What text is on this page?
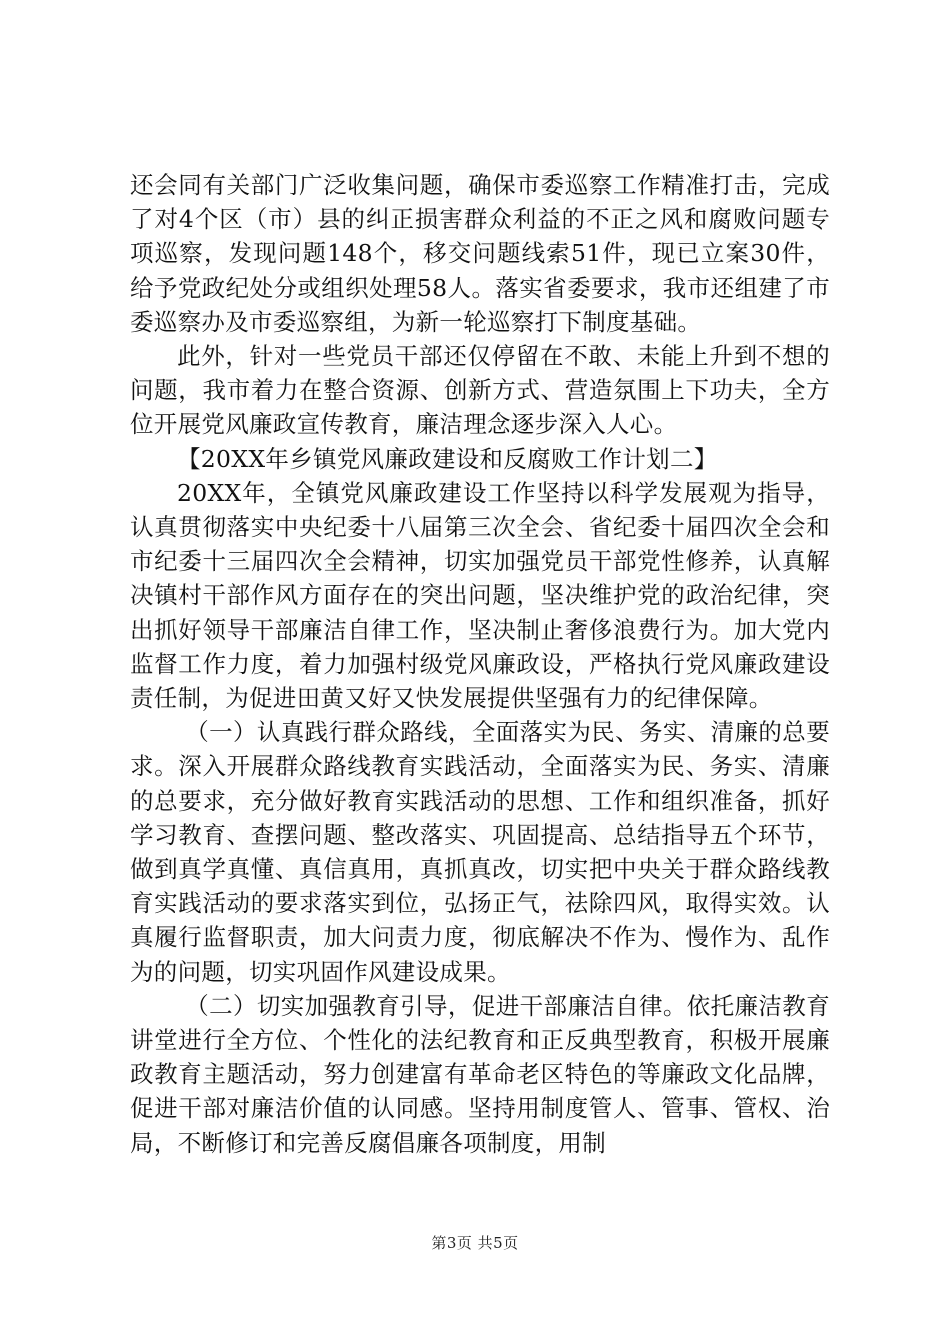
还会同有关部门广泛收集问题，确保市委巡察工作精准打击，完成了对4个区（市）县的纠正损害群众利益的不正之风和腐败问题专项巡察，发现问题148个，移交问题线索51件，现已立案30件，给予党政纪处分或组织处理58人。落实省委要求，我市还组建了市委巡察办及市委巡察组，为新一轮巡察打下制度基础。

此外，针对一些党员干部还仅停留在不敢、未能上升到不想的问题，我市着力在整合资源、创新方式、营造氛围上下功夫，全方位开展党风廉政宣传教育，廉洁理念逐步深入人心。

【20XX年乡镇党风廉政建设和反腐败工作计划二】

20XX年，全镇党风廉政建设工作坚持以科学发展观为指导，认真贯彻落实中央纪委十八届第三次全会、省纪委十届四次全会和市纪委十三届四次全会精神，切实加强党员干部党性修养，认真解决镇村干部作风方面存在的突出问题，坚决维护党的政治纪律，突出抓好领导干部廉洁自律工作，坚决制止奢侈浪费行为。加大党内监督工作力度，着力加强村级党风廉政设，严格执行党风廉政建设责任制，为促进田黄又好又快发展提供坚强有力的纪律保障。

（一）认真践行群众路线，全面落实为民、务实、清廉的总要求。深入开展群众路线教育实践活动，全面落实为民、务实、清廉的总要求，充分做好教育实践活动的思想、工作和组织准备，抓好学习教育、查摆问题、整改落实、巩固提高、总结指导五个环节，做到真学真懂、真信真用，真抓真改，切实把中央关于群众路线教育实践活动的要求落实到位，弘扬正气，祛除四风，取得实效。认真履行监督职责，加大问责力度，彻底解决不作为、慢作为、乱作为的问题，切实巩固作风建设成果。

（二）切实加强教育引导，促进干部廉洁自律。依托廉洁教育讲堂进行全方位、个性化的法纪教育和正反典型教育，积极开展廉政教育主题活动，努力创建富有革命老区特色的等廉政文化品牌，促进干部对廉洁价值的认同感。坚持用制度管人、管事、管权、治局，不断修订和完善反腐倡廉各项制度，用制

第3页 共5页
